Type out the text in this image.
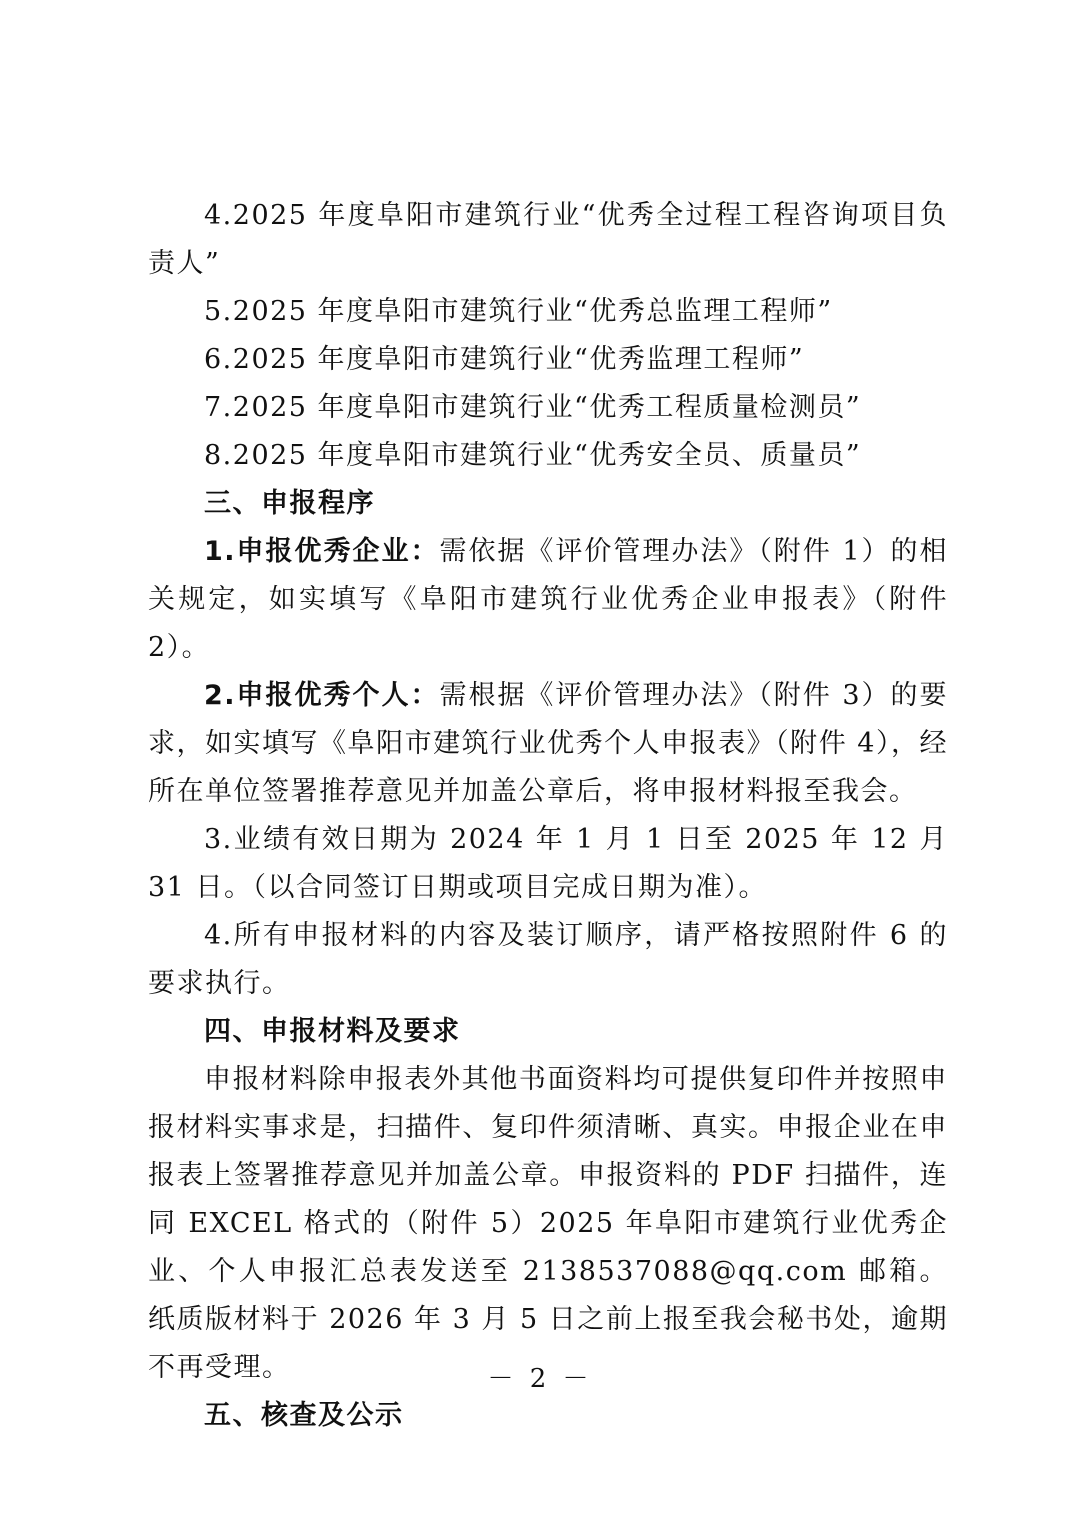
4.2025 年度阜阳市建筑行业“优秀全过程工程咨询项目负责人”

5.2025 年度阜阳市建筑行业“优秀总监理工程师”

6.2025 年度阜阳市建筑行业“优秀监理工程师”

7.2025 年度阜阳市建筑行业“优秀工程质量检测员”

8.2025 年度阜阳市建筑行业“优秀安全员、质量员”

三、申报程序

1.申报优秀企业：需依据《评价管理办法》（附件 1）的相关规定，如实填写《阜阳市建筑行业优秀企业申报表》（附件 2）。

2.申报优秀个人：需根据《评价管理办法》（附件 3）的要求，如实填写《阜阳市建筑行业优秀个人申报表》（附件 4），经所在单位签署推荐意见并加盖公章后，将申报材料报至我会。

3.业绩有效日期为 2024 年 1 月 1 日至 2025 年 12 月 31 日。（以合同签订日期或项目完成日期为准）。

4.所有申报材料的内容及装订顺序，请严格按照附件 6 的要求执行。

四、申报材料及要求

申报材料除申报表外其他书面资料均可提供复印件并按照申报材料实事求是，扫描件、复印件须清晰、真实。申报企业在申报表上签署推荐意见并加盖公章。申报资料的 PDF 扫描件，连同 EXCEL 格式的（附件 5）2025 年阜阳市建筑行业优秀企业、个人申报汇总表发送至 2138537088@qq.com 邮箱。纸质版材料于 2026 年 3 月 5 日之前上报至我会秘书处，逾期不再受理。

五、核查及公示

－ 2 －
